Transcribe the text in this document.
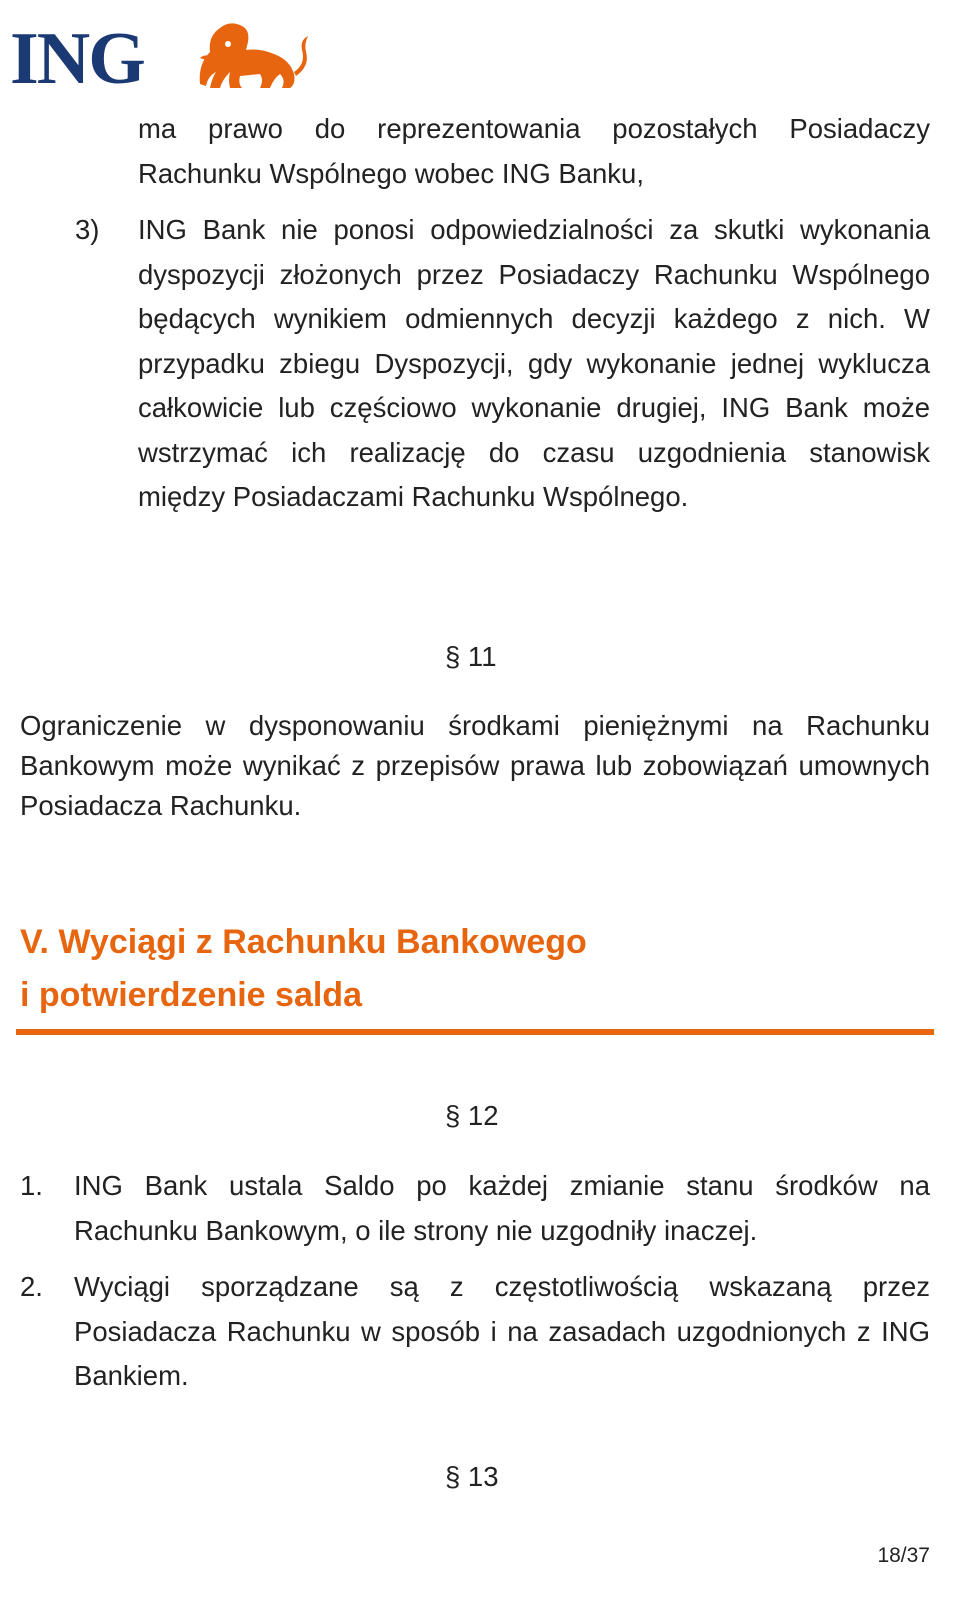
ING
ma prawo do reprezentowania pozostałych Posiadaczy Rachunku Wspólnego wobec ING Banku,
3) ING Bank nie ponosi odpowiedzialności za skutki wykonania dyspozycji złożonych przez Posiadaczy Rachunku Wspólnego będących wynikiem odmiennych decyzji każdego z nich. W przypadku zbiegu Dyspozycji, gdy wykonanie jednej wyklucza całkowicie lub częściowo wykonanie drugiej, ING Bank może wstrzymać ich realizację do czasu uzgodnienia stanowisk między Posiadaczami Rachunku Wspólnego.
§ 11
Ograniczenie w dysponowaniu środkami pieniężnymi na Rachunku Bankowym może wynikać z przepisów prawa lub zobowiązań umownych Posiadacza Rachunku.
V. Wyciągi z Rachunku Bankowego
i potwierdzenie salda
§ 12
1. ING Bank ustala Saldo po każdej zmianie stanu środków na Rachunku Bankowym, o ile strony nie uzgodniły inaczej.
2. Wyciągi sporządzane są z częstotliwością wskazaną przez Posiadacza Rachunku w sposób i na zasadach uzgodnionych z ING Bankiem.
§ 13
18/37
